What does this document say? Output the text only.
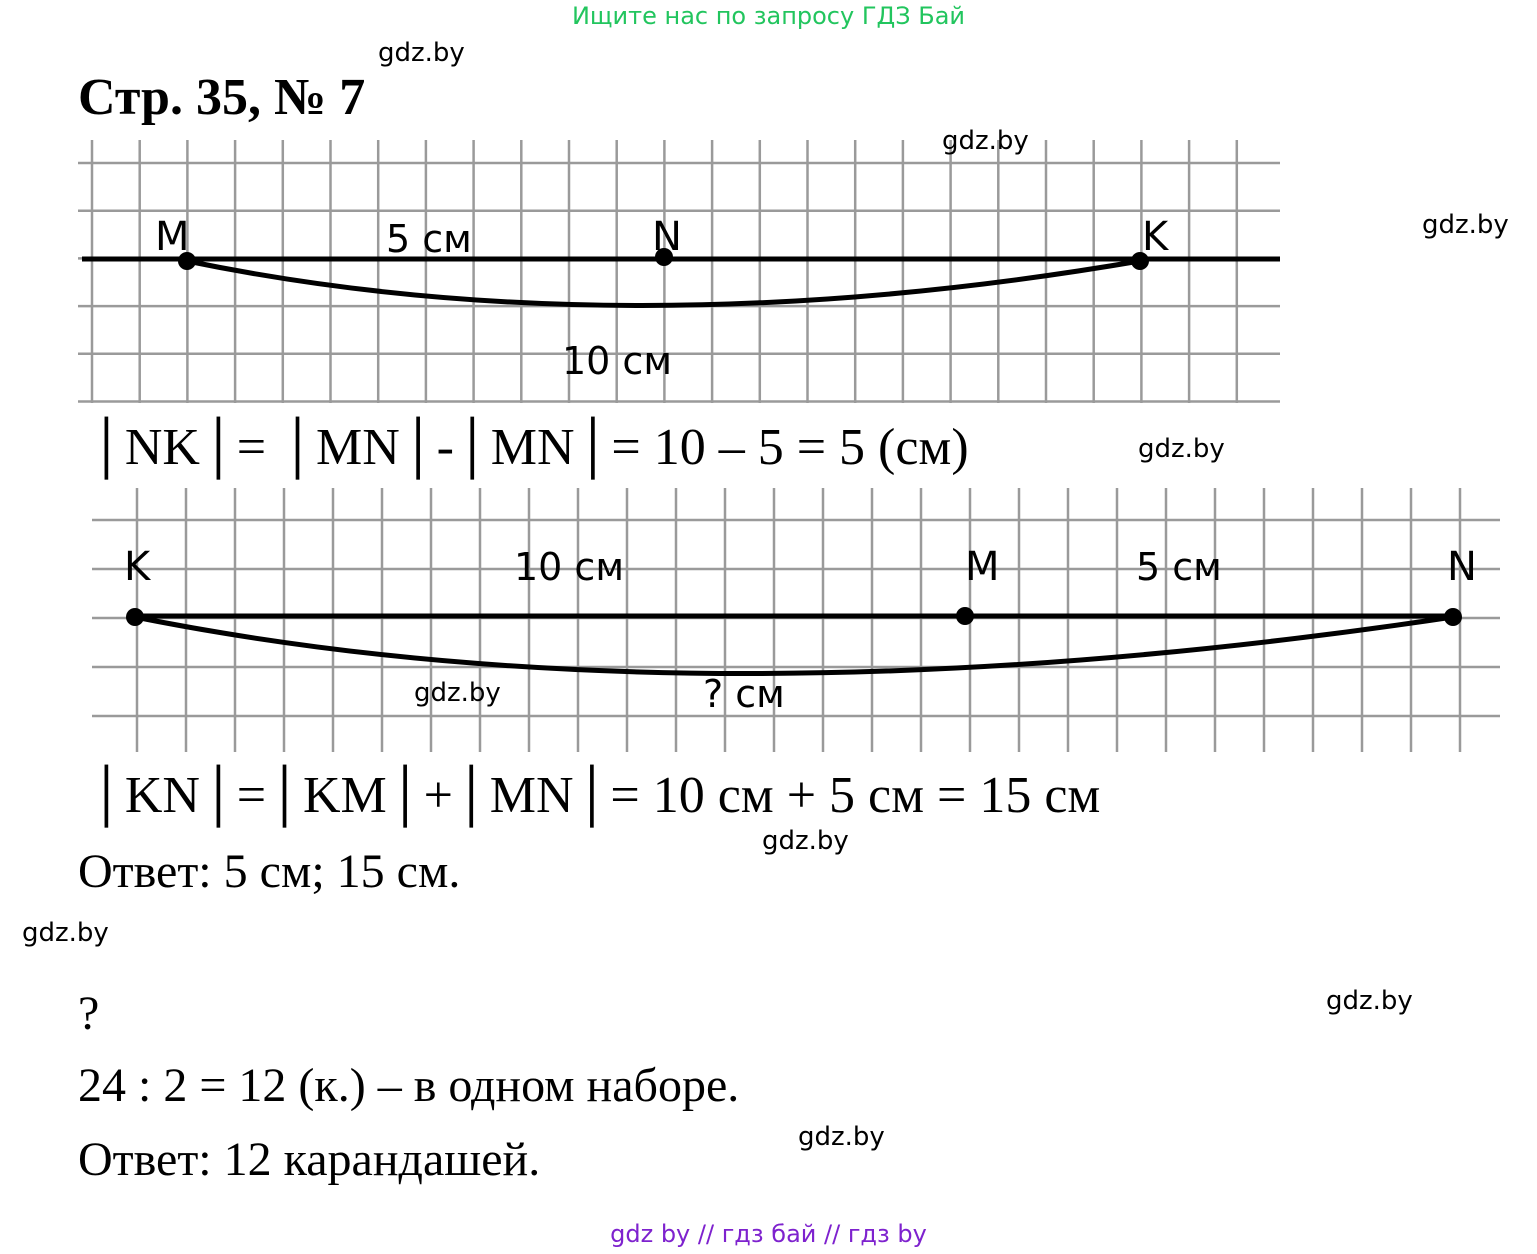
Ищите нас по запросу ГДЗ Бай
Стр. 35, № 7
M	N	K
5 см
10 см
│NK│= │MN│-│MN│= 10 – 5 = 5 (см)
K	M	N
10 см	5 см
? см
│KN│=│KM│+│MN│= 10 см + 5 см = 15 см
Ответ: 5 см; 15 см.
?
24 : 2 = 12 (к.) – в одном наборе.
Ответ: 12 карандашей.
gdz.by
gdz.by
gdz.by
gdz.by
gdz.by
gdz.by
gdz.by
gdz.by
gdz.by
gdz by // гдз бай // гдз by
